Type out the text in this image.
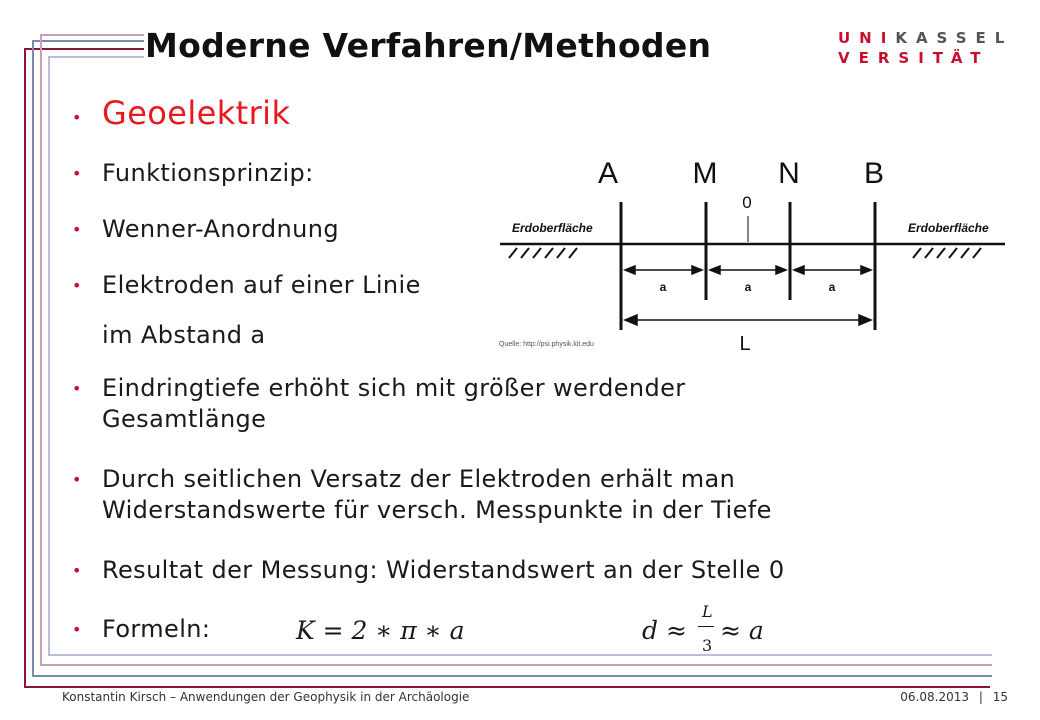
Moderne Verfahren/Methoden	UNIKASSEL
VERSITÄT
• Geoelektrik
• Funktionsprinzip:
• Wenner-Anordnung
• Elektroden auf einer Linie
im Abstand a
• Eindringtiefe erhöht sich mit größer werdender
Gesamtlänge
• Durch seitlichen Versatz der Elektroden erhält man
Widerstandswerte für versch. Messpunkte in der Tiefe
• Resultat der Messung: Widerstandswert an der Stelle 0
• Formeln:	K = 2 ∗ π ∗ a	d ≈
L
3
≈ a
A M N B
0
Erdoberfläche	Erdoberfläche
a	a	a
L
Quelle: http://psi.physik.kit.edu
Konstantin Kirsch – Anwendungen der Geophysik in der Archäologie	06.08.2013 | 15
